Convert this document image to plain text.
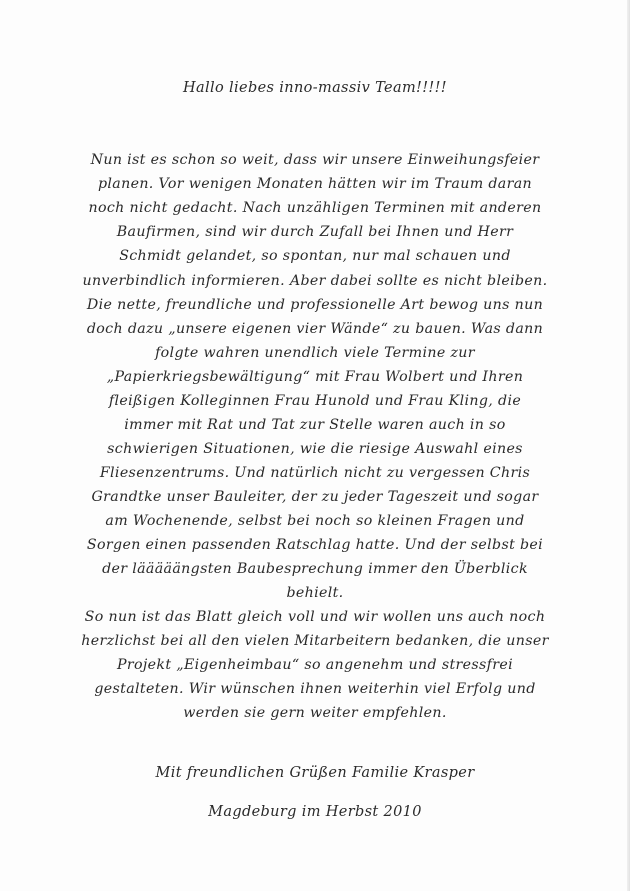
Hallo liebes inno-massiv Team!!!!!
Nun ist es schon so weit, dass wir unsere Einweihungsfeier
planen. Vor wenigen Monaten hätten wir im Traum daran
noch nicht gedacht. Nach unzähligen Terminen mit anderen
Baufirmen, sind wir durch Zufall bei Ihnen und Herr
Schmidt gelandet, so spontan, nur mal schauen und
unverbindlich informieren. Aber dabei sollte es nicht bleiben.
Die nette, freundliche und professionelle Art bewog uns nun
doch dazu „unsere eigenen vier Wände“ zu bauen. Was dann
folgte wahren unendlich viele Termine zur
„Papierkriegsbewältigung“ mit Frau Wolbert und Ihren
fleißigen Kolleginnen Frau Hunold und Frau Kling, die
immer mit Rat und Tat zur Stelle waren auch in so
schwierigen Situationen, wie die riesige Auswahl eines
Fliesenzentrums. Und natürlich nicht zu vergessen Chris
Grandtke unser Bauleiter, der zu jeder Tageszeit und sogar
am Wochenende, selbst bei noch so kleinen Fragen und
Sorgen einen passenden Ratschlag hatte. Und der selbst bei
der lääääängsten Baubesprechung immer den Überblick
behielt.
So nun ist das Blatt gleich voll und wir wollen uns auch noch
herzlichst bei all den vielen Mitarbeitern bedanken, die unser
Projekt „Eigenheimbau“ so angenehm und stressfrei
gestalteten. Wir wünschen ihnen weiterhin viel Erfolg und
werden sie gern weiter empfehlen.
Mit freundlichen Grüßen Familie Krasper
Magdeburg im Herbst 2010
